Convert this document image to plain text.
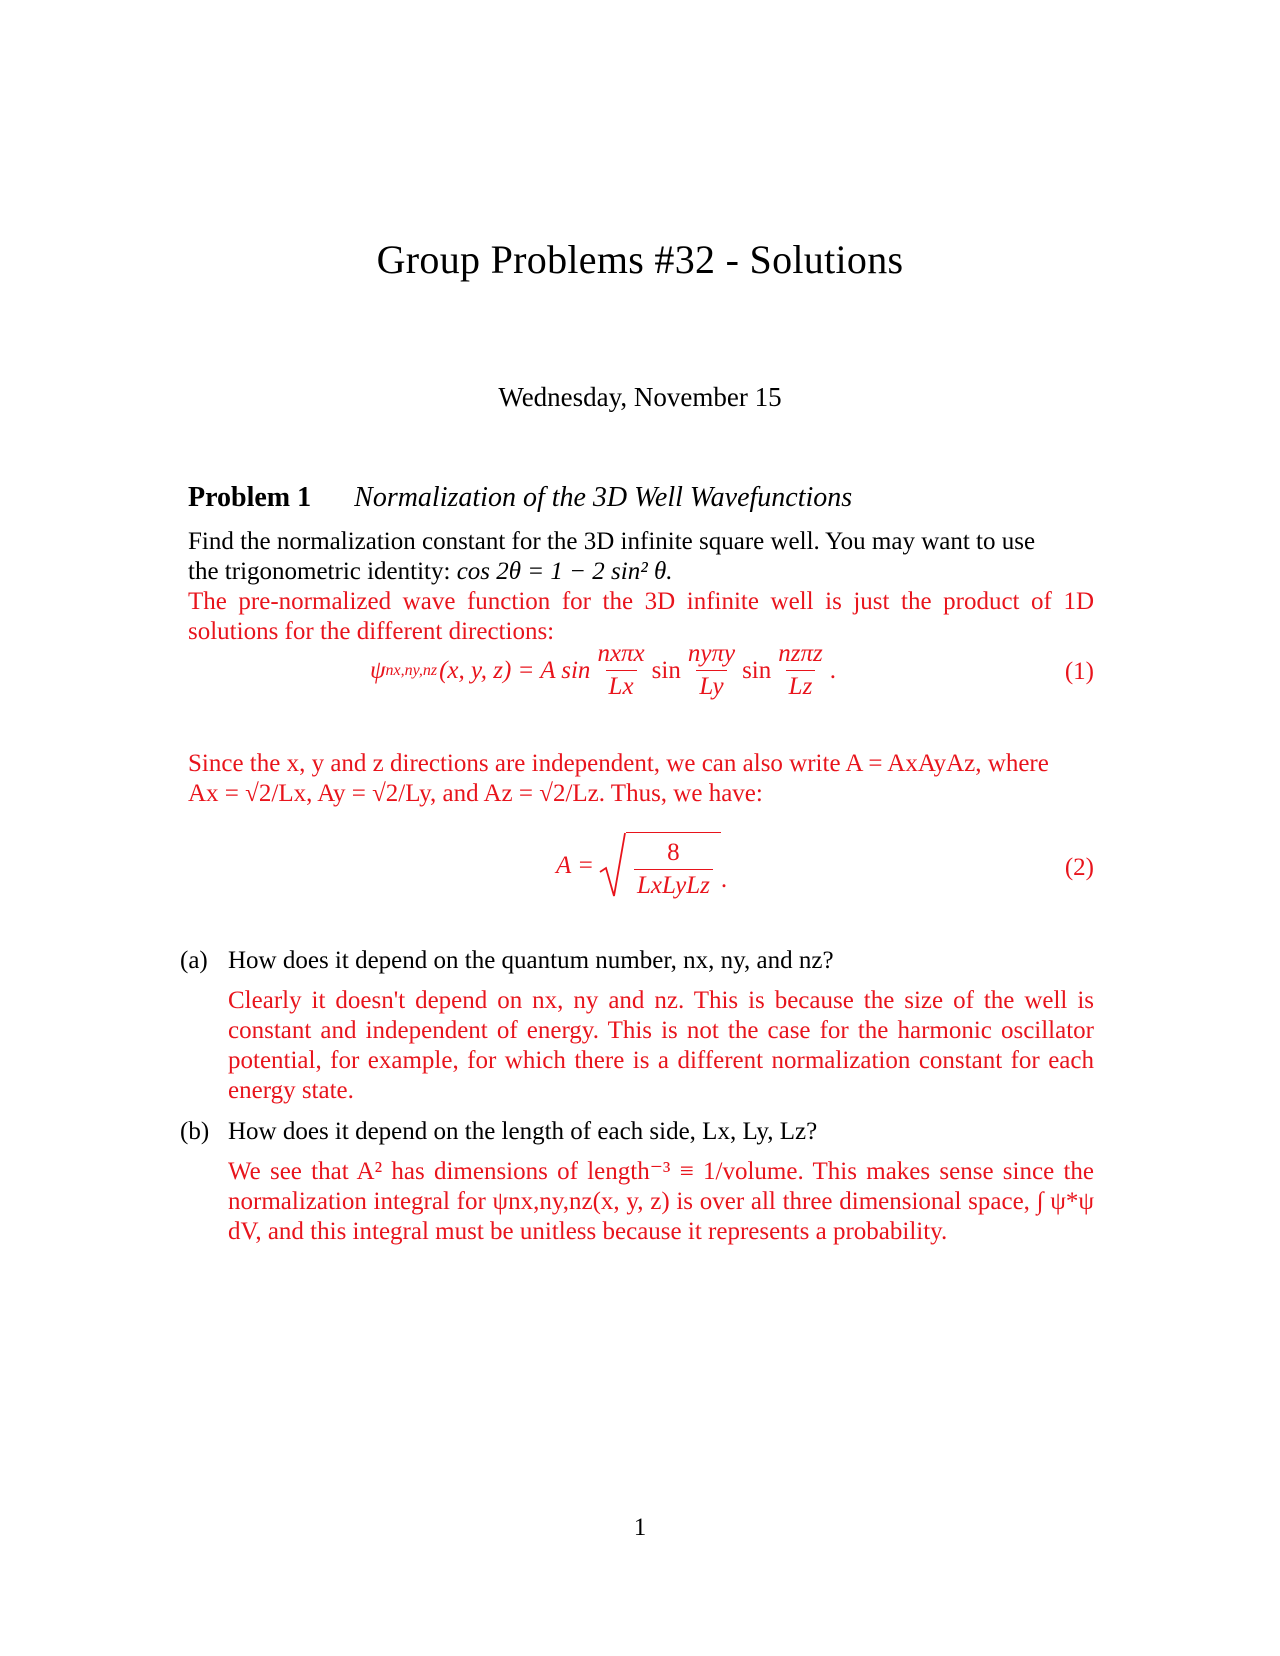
Group Problems #32 - Solutions
Wednesday, November 15
Problem 1 Normalization of the 3D Well Wavefunctions
Find the normalization constant for the 3D infinite square well. You may want to use
the trigonometric identity: cos 2θ = 1 − 2 sin² θ.
The pre-normalized wave function for the 3D infinite well is just the product of 1D solutions for the different directions:
ψ nx,ny,nz (x, y, z) = A $\sin \frac{\text{nxπx}}{Lx}$ $\sin \frac{\text{nyπy}}{Ly}$ $\sin \frac{\text{nzπz}}{Lz}$ .	(1)
Since the x, y and z directions are independent, we can also write A = AxAyAz, where
Ax = √2/Lx, Ay = √2/Ly, and Az = √2/Lz. Thus, we have:
$A = \frac{8}{\text{LxLyLz}}$ .	(2)
(a) How does it depend on the quantum number, nx, ny, and nz?
Clearly it doesn't depend on nx, ny and nz. This is because the size of the well is constant and independent of energy. This is not the case for the harmonic oscillator potential, for example, for which there is a different normalization constant for each energy state.
(b) How does it depend on the length of each side, Lx, Ly, Lz?
We see that A² has dimensions of length⁻³ ≡ 1/volume. This makes sense since the normalization integral for ψnx,ny,nz(x, y, z) is over all three dimensional space, ∫ ψ*ψ dV, and this integral must be unitless because it represents a probability.
1
